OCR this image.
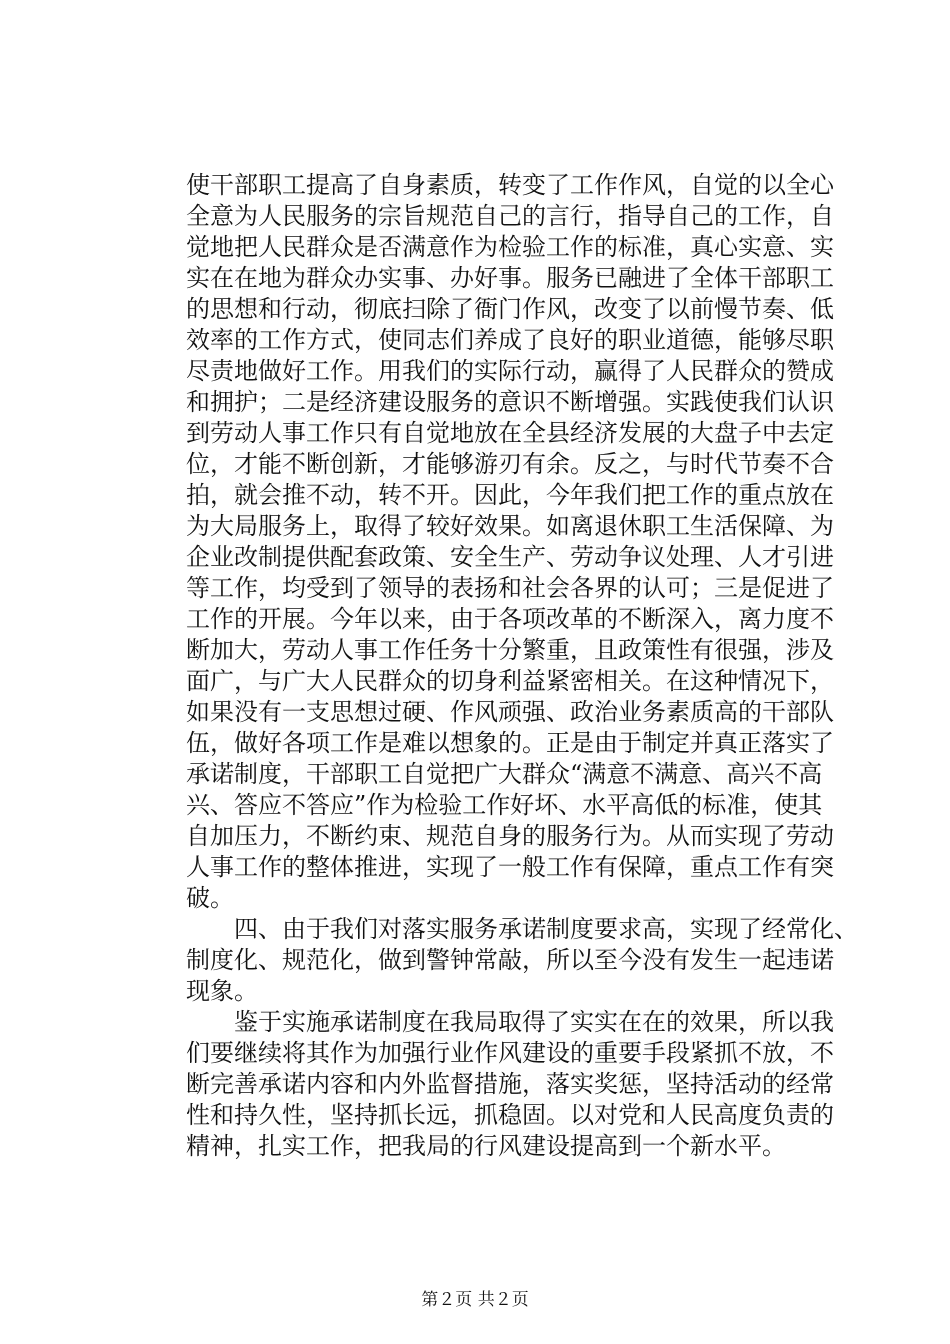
使干部职工提高了自身素质，转变了工作作风，自觉的以全心
全意为人民服务的宗旨规范自己的言行，指导自己的工作，自
觉地把人民群众是否满意作为检验工作的标准，真心实意、实
实在在地为群众办实事、办好事。服务已融进了全体干部职工
的思想和行动，彻底扫除了衙门作风，改变了以前慢节奏、低
效率的工作方式，使同志们养成了良好的职业道德，能够尽职
尽责地做好工作。用我们的实际行动，赢得了人民群众的赞成
和拥护；二是经济建设服务的意识不断增强。实践使我们认识
到劳动人事工作只有自觉地放在全县经济发展的大盘子中去定
位，才能不断创新，才能够游刃有余。反之，与时代节奏不合
拍，就会推不动，转不开。因此，今年我们把工作的重点放在
为大局服务上，取得了较好效果。如离退休职工生活保障、为
企业改制提供配套政策、安全生产、劳动争议处理、人才引进
等工作，均受到了领导的表扬和社会各界的认可；三是促进了
工作的开展。今年以来，由于各项改革的不断深入，离力度不
断加大，劳动人事工作任务十分繁重，且政策性有很强，涉及
面广，与广大人民群众的切身利益紧密相关。在这种情况下，
如果没有一支思想过硬、作风顽强、政治业务素质高的干部队
伍，做好各项工作是难以想象的。正是由于制定并真正落实了
承诺制度，干部职工自觉把广大群众“满意不满意、高兴不高
兴、答应不答应”作为检验工作好坏、水平高低的标准，使其
自加压力，不断约束、规范自身的服务行为。从而实现了劳动
人事工作的整体推进，实现了一般工作有保障，重点工作有突
破。
　　四、由于我们对落实服务承诺制度要求高，实现了经常化、
制度化、规范化，做到警钟常敲，所以至今没有发生一起违诺
现象。
　　鉴于实施承诺制度在我局取得了实实在在的效果，所以我
们要继续将其作为加强行业作风建设的重要手段紧抓不放，不
断完善承诺内容和内外监督措施，落实奖惩，坚持活动的经常
性和持久性，坚持抓长远，抓稳固。以对党和人民高度负责的
精神，扎实工作，把我局的行风建设提高到一个新水平。
第２页 共２页
